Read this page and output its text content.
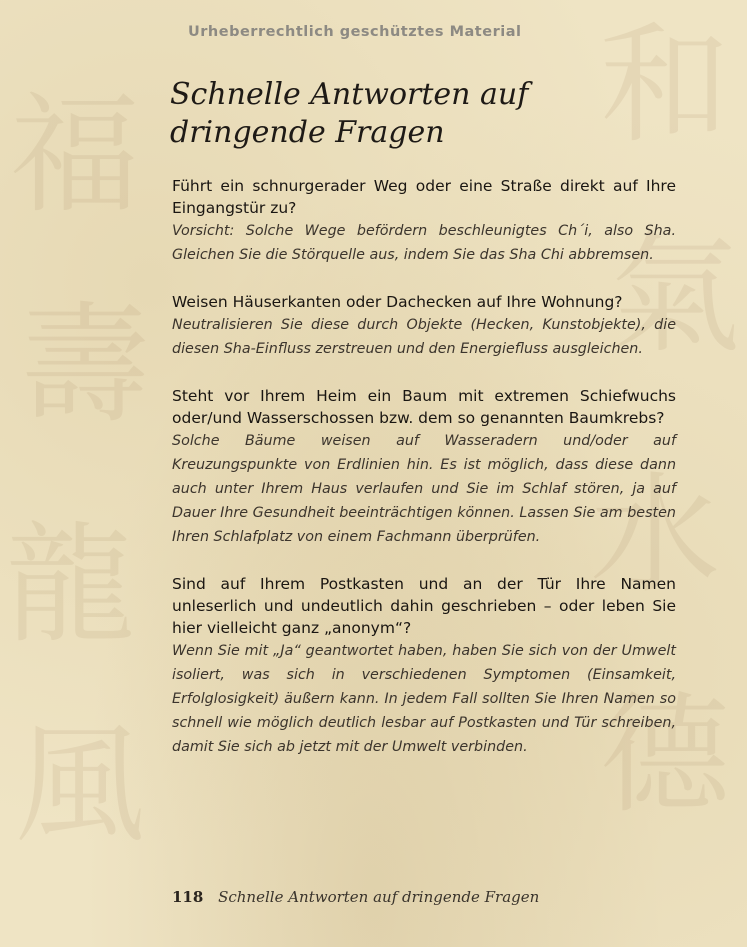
福
壽
龍
風
和
氣
水
德
Urheberrechtlich geschütztes Material
Schnelle Antworten auf
dringende Fragen
Führt ein schnurgerader Weg oder eine Straße direkt auf Ihre Eingangstür zu?
Vorsicht: Solche Wege befördern beschleunigtes Ch´i, also Sha. Gleichen Sie die Störquelle aus, indem Sie das Sha Chi abbremsen.
Weisen Häuserkanten oder Dachecken auf Ihre Wohnung?
Neutralisieren Sie diese durch Objekte (Hecken, Kunstobjekte), die diesen Sha-Einfluss zerstreuen und den Energiefluss ausgleichen.
Steht vor Ihrem Heim ein Baum mit extremen Schiefwuchs oder/und Wasserschossen bzw. dem so genannten Baumkrebs?
Solche Bäume weisen auf Wasseradern und/oder auf Kreuzungspunkte von Erdlinien hin. Es ist möglich, dass diese dann auch unter Ihrem Haus verlaufen und Sie im Schlaf stören, ja auf Dauer Ihre Gesundheit beeinträchtigen können. Lassen Sie am besten Ihren Schlafplatz von einem Fachmann überprüfen.
Sind auf Ihrem Postkasten und an der Tür Ihre Namen unleserlich und undeutlich dahin geschrieben – oder leben Sie hier vielleicht ganz „anonym“?
Wenn Sie mit „Ja“ geantwortet haben, haben Sie sich von der Umwelt isoliert, was sich in verschiedenen Symptomen (Einsamkeit, Erfolglosigkeit) äußern kann. In jedem Fall sollten Sie Ihren Namen so schnell wie möglich deutlich lesbar auf Postkasten und Tür schreiben, damit Sie sich ab jetzt mit der Umwelt verbinden.
118 Schnelle Antworten auf dringende Fragen
